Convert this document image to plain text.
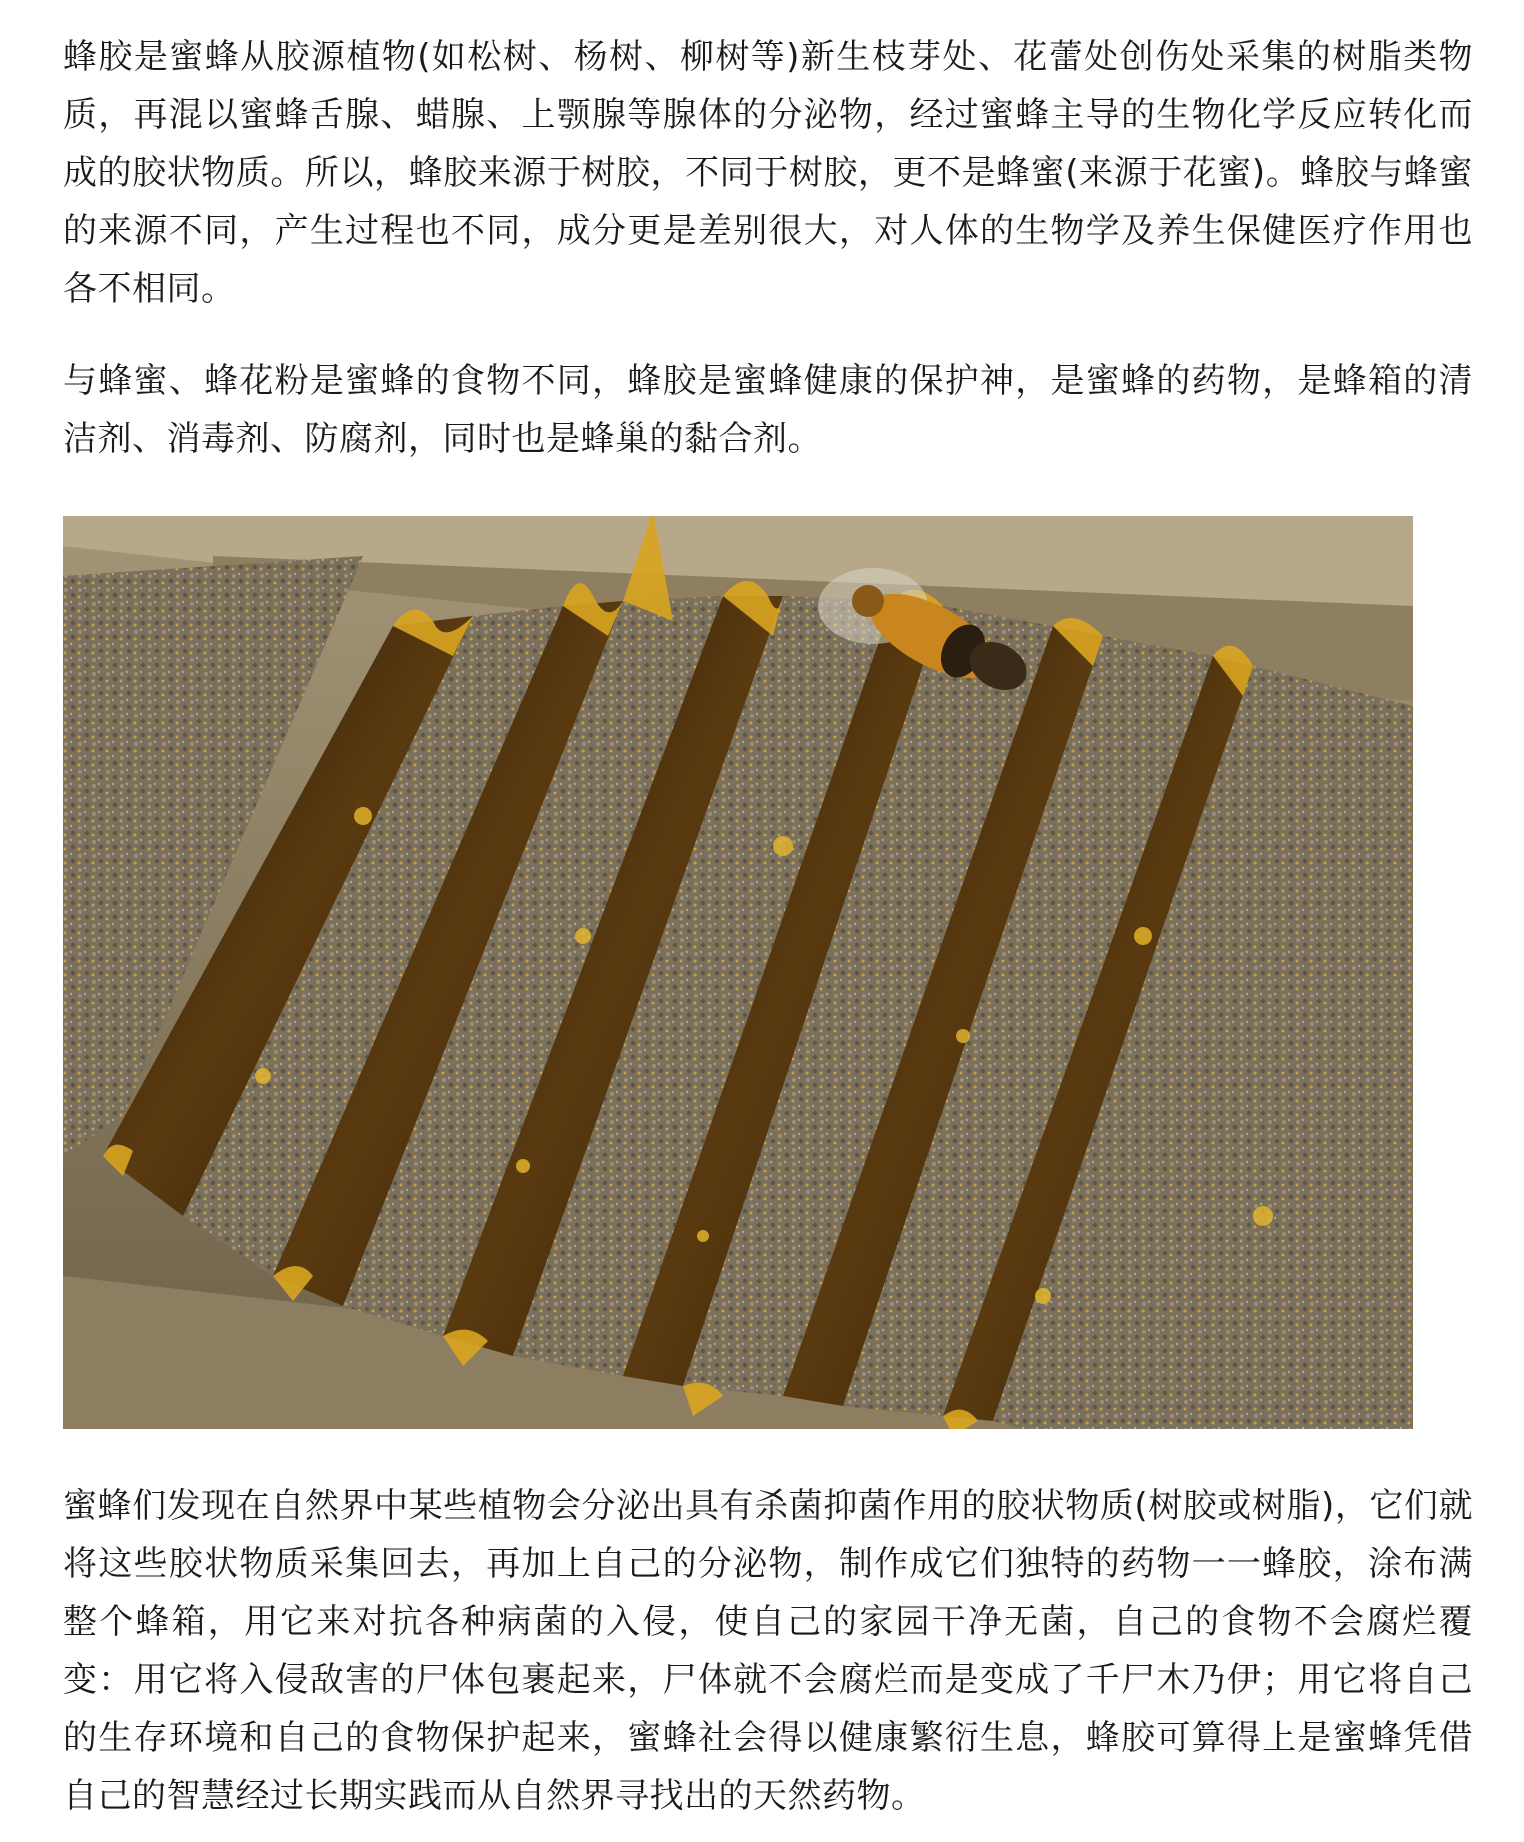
蜂胶是蜜蜂从胶源植物(如松树、杨树、柳树等)新生枝芽处、花蕾处创伤处采集的树脂类物质，再混以蜜蜂舌腺、蜡腺、上颚腺等腺体的分泌物，经过蜜蜂主导的生物化学反应转化而成的胶状物质。所以，蜂胶来源于树胶，不同于树胶，更不是蜂蜜(来源于花蜜)。蜂胶与蜂蜜的来源不同，产生过程也不同，成分更是差别很大，对人体的生物学及养生保健医疗作用也各不相同。

与蜂蜜、蜂花粉是蜜蜂的食物不同，蜂胶是蜜蜂健康的保护神，是蜜蜂的药物，是蜂箱的清洁剂、消毒剂、防腐剂，同时也是蜂巢的黏合剂。

蜜蜂们发现在自然界中某些植物会分泌出具有杀菌抑菌作用的胶状物质(树胶或树脂)，它们就将这些胶状物质采集回去，再加上自己的分泌物，制作成它们独特的药物一一蜂胶，涂布满整个蜂箱，用它来对抗各种病菌的入侵，使自己的家园干净无菌，自己的食物不会腐烂覆变：用它将入侵敌害的尸体包裹起来，尸体就不会腐烂而是变成了千尸木乃伊；用它将自己的生存环境和自己的食物保护起来，蜜蜂社会得以健康繁衍生息，蜂胶可算得上是蜜蜂凭借自己的智慧经过长期实践而从自然界寻找出的天然药物。
